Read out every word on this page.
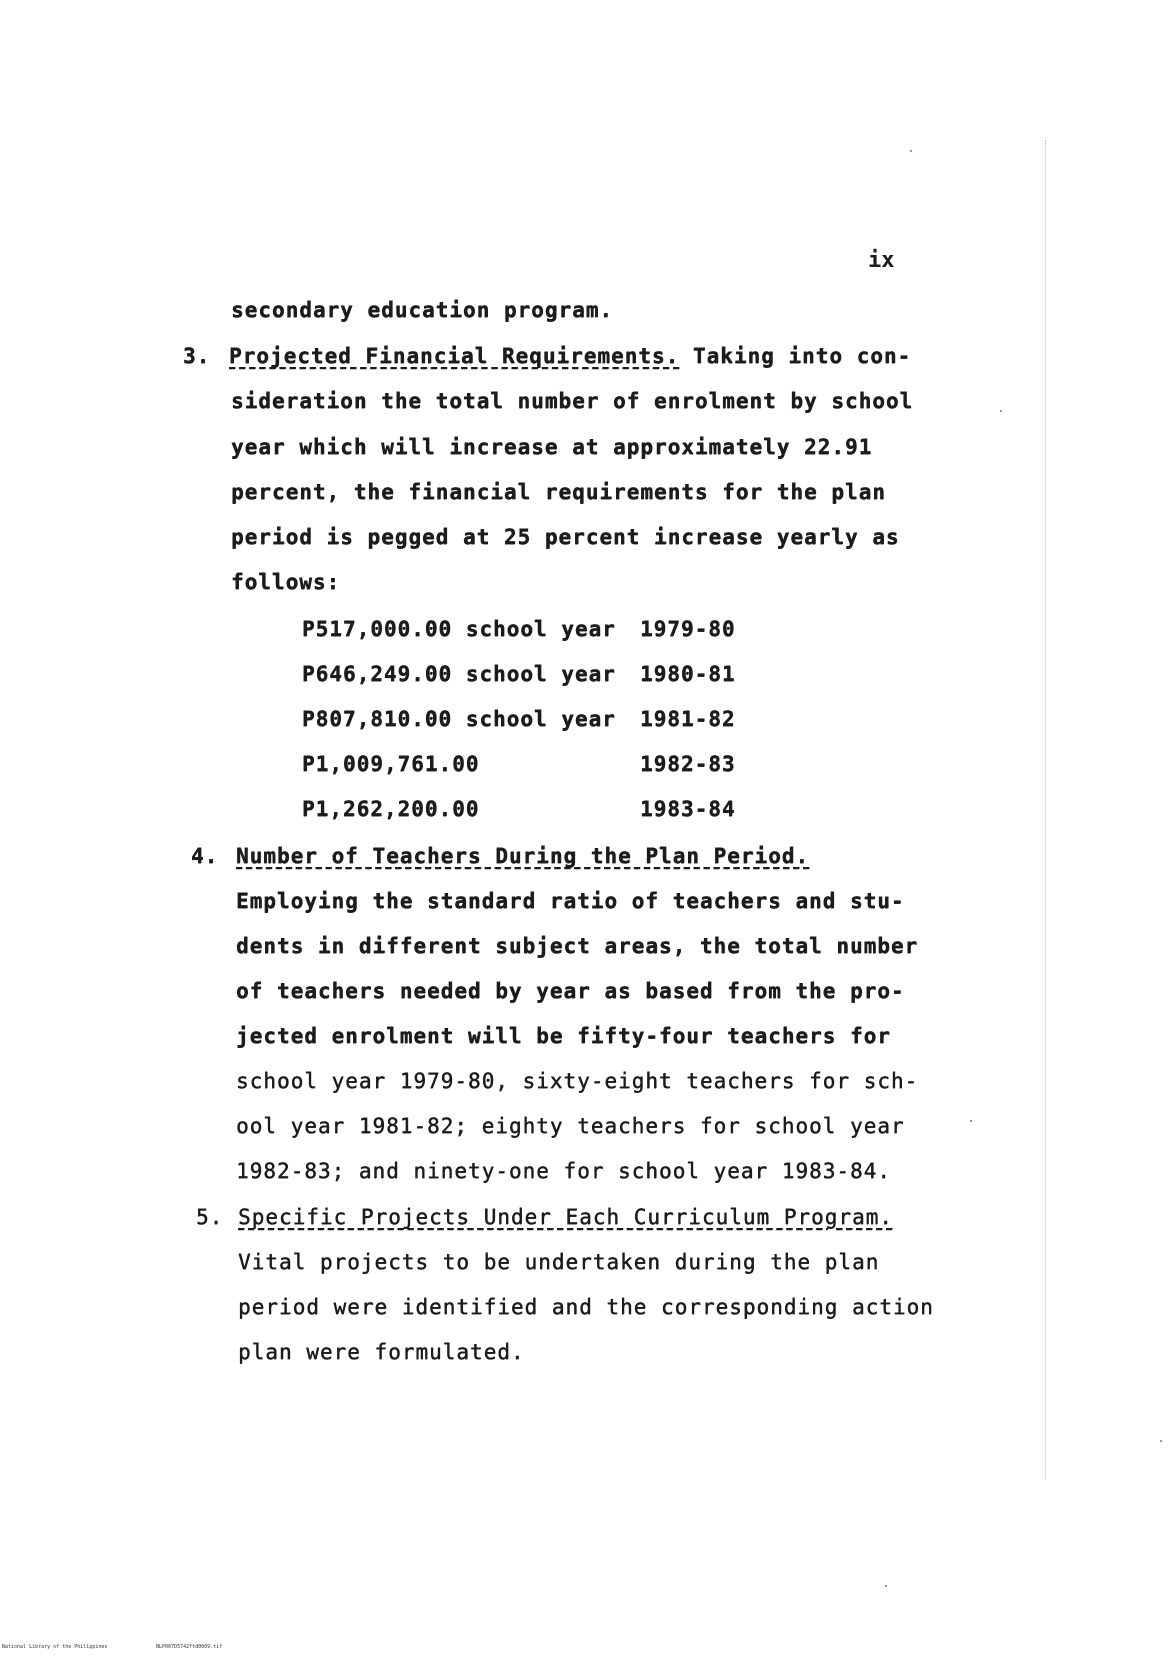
ix
secondary education program.
3. Projected Financial Requirements. Taking into con-
sideration the total number of enrolment by school
year which will increase at approximately 22.91
percent, the financial requirements for the plan
period is pegged at 25 percent increase yearly as
follows:
P517,000.00 school year 1979-80
P646,249.00 school year 1980-81
P807,810.00 school year 1981-82
P1,009,761.00	1982-83
P1,262,200.00	1983-84
4. Number of Teachers During the Plan Period.
Employing the standard ratio of teachers and stu-
dents in different subject areas, the total number
of teachers needed by year as based from the pro-
jected enrolment will be fifty-four teachers for
school year 1979-80, sixty-eight teachers for sch-
ool year 1981-82; eighty teachers for school year
1982-83; and ninety-one for school year 1983-84.
5. Specific Projects Under Each Curriculum Program.
Vital projects to be undertaken during the plan
period were identified and the corresponding action
plan were formulated.
National Library of the Philippines	NLP007D5742ftd0009.tif
